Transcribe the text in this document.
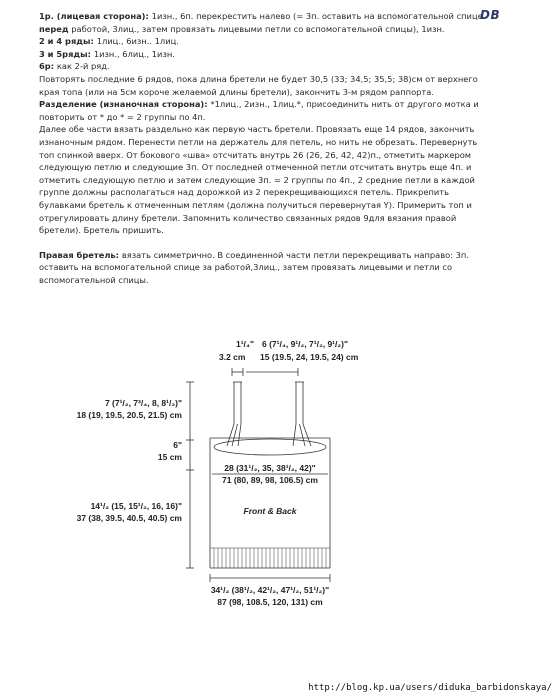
DB

1р. (лицевая сторона): 1изн., 6п. перекрестить налево (= 3п. оставить на вспомогательной спице перед работой, 3лиц., затем провязать лицевыми петли со вспомогательной спицы), 1изн.

2 и 4 ряды: 1лиц., 6изн.. 1лиц.

3 и 5ряды: 1изн., 6лиц., 1изн.

6р: как 2-й ряд.

Повторять последние 6 рядов, пока длина бретели не будет 30,5 (33; 34,5; 35,5; 38)см от верхнего края топа (или на 5см короче желаемой длины бретели), закончить 3-м рядом раппорта.

Разделение (изнаночная сторона): *1лиц., 2изн., 1лиц.*, присоединить нить от другого мотка и повторить от * до * = 2 группы по 4п.

Далее обе части вязать раздельно как первую часть бретели. Провязать еще 14 рядов, закончить изнаночным рядом. Перенести петли на держатель для петель, но нить не обрезать. Перевернуть топ спинкой вверх. От бокового «шва» отсчитать внутрь 26 (26, 26, 42, 42)п., отметить маркером следующую петлю и следующие 3п. От последней отмеченной петли отсчитать внутрь еще 4п. и отметить следующую петлю и затем следующие 3п. = 2 группы по 4п., 2 средние петли в каждой группе должны располагаться над дорожкой из 2 перекрещивающихся петель. Прикрепить булавками бретель к отмеченным петлям (должна получиться перевернутая Y). Примерить топ и отрегулировать длину бретели. Запомнить количество связанных рядов 9для вязания правой бретели). Бретель пришить.

Правая бретель: вязать симметрично. В соединенной части петли перекрещивать направо: 3п. оставить на вспомогательной спице за работой,3лиц., затем провязать лицевыми и петли со вспомогательной спицы.

1¹/₄"
3.2 cm
6 (7¹/₄, 9¹/₂, 7¹/₂, 9¹/₂)"
15 (19.5, 24, 19.5, 24) cm
7 (7¹/₂, 7³/₄, 8, 8¹/₂)"
18 (19, 19.5, 20.5, 21.5) cm
6"
15 cm
28 (31¹/₂, 35, 38¹/₂, 42)"
71 (80, 89, 98, 106.5) cm
Front & Back
14¹/₂ (15, 15¹/₂, 16, 16)"
37 (38, 39.5, 40.5, 40.5) cm
34¹/₂ (38¹/₂, 42¹/₂, 47¹/₂, 51¹/₂)"
87 (98, 108.5, 120, 131) cm
http://blog.kp.ua/users/diduka_barbidonskaya/
